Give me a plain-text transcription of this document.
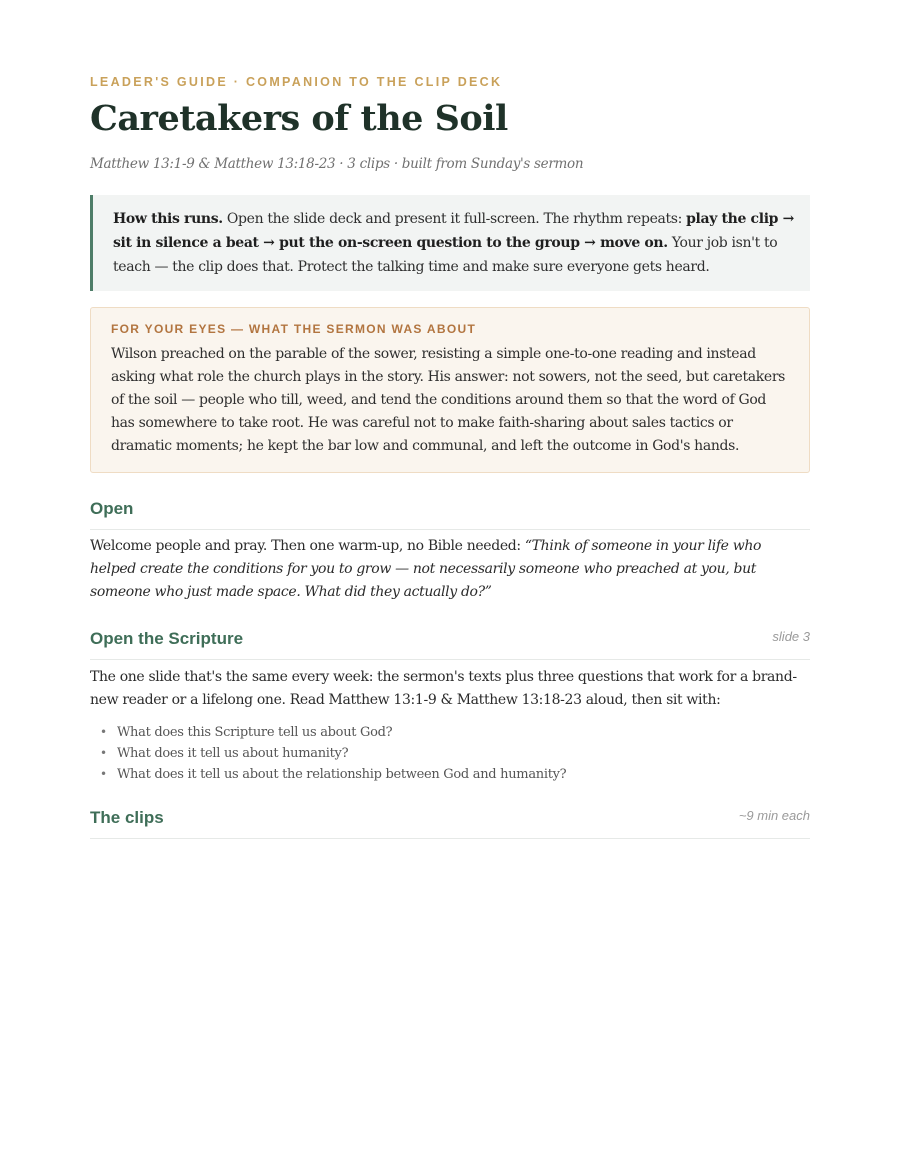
LEADER'S GUIDE · COMPANION TO THE CLIP DECK
Caretakers of the Soil
Matthew 13:1-9 & Matthew 13:18-23 · 3 clips · built from Sunday's sermon
How this runs. Open the slide deck and present it full-screen. The rhythm repeats: play the clip → sit in silence a beat → put the on-screen question to the group → move on. Your job isn't to teach — the clip does that. Protect the talking time and make sure everyone gets heard.
FOR YOUR EYES — WHAT THE SERMON WAS ABOUT
Wilson preached on the parable of the sower, resisting a simple one-to-one reading and instead asking what role the church plays in the story. His answer: not sowers, not the seed, but caretakers of the soil — people who till, weed, and tend the conditions around them so that the word of God has somewhere to take root. He was careful not to make faith-sharing about sales tactics or dramatic moments; he kept the bar low and communal, and left the outcome in God's hands.
Open
Welcome people and pray. Then one warm-up, no Bible needed: “Think of someone in your life who helped create the conditions for you to grow — not necessarily someone who preached at you, but someone who just made space. What did they actually do?”
Open the Scripture	slide 3
The one slide that's the same every week: the sermon's texts plus three questions that work for a brand-new reader or a lifelong one. Read Matthew 13:1-9 & Matthew 13:18-23 aloud, then sit with:
• What does this Scripture tell us about God?
• What does it tell us about humanity?
• What does it tell us about the relationship between God and humanity?
The clips	~9 min each
